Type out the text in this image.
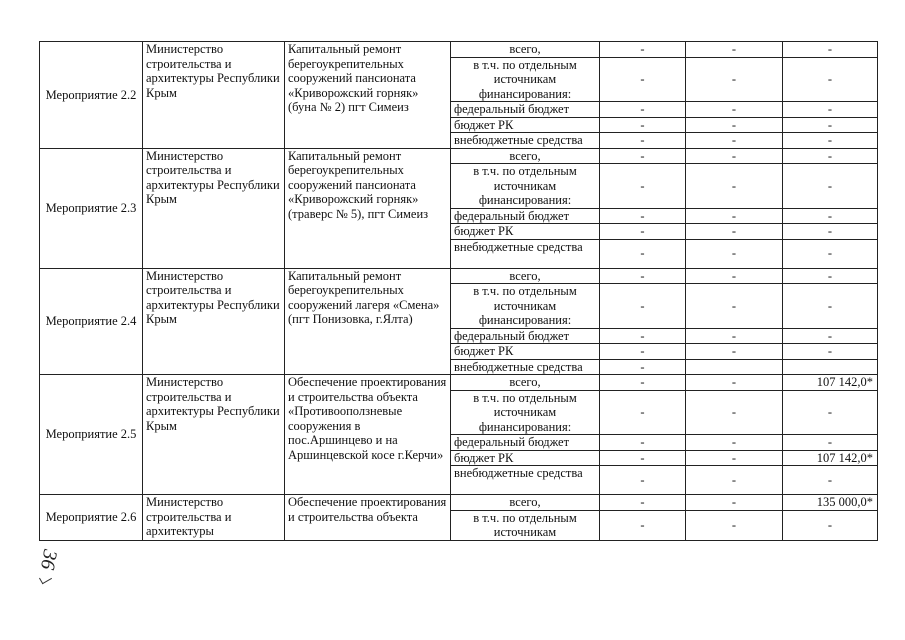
Мероприятие 2.2	Министерство строительства и архитектуры Республики Крым	Капитальный ремонт берегоукрепительных сооружений пансионата «Криворожский горняк» (буна № 2) пгт Симеиз	всего,	-	-	-
			в т.ч. по отдельным источникам финансирования:	-	-	-
			федеральный бюджет	-	-	-
			бюджет РК	-	-	-
			внебюджетные средства	-	-	-
Мероприятие 2.3	Министерство строительства и архитектуры Республики Крым	Капитальный ремонт берегоукрепительных сооружений пансионата «Криворожский горняк» (траверс № 5), пгт Симеиз	всего,	-	-	-
			в т.ч. по отдельным источникам финансирования:	-	-	-
			федеральный бюджет	-	-	-
			бюджет РК	-	-	-
			внебюджетные средства	-	-	-
Мероприятие 2.4	Министерство строительства и архитектуры Республики Крым	Капитальный ремонт берегоукрепительных сооружений лагеря «Смена» (пгт Понизовка, г.Ялта)	всего,	-	-	-
			в т.ч. по отдельным источникам финансирования:	-	-	-
			федеральный бюджет	-	-	-
			бюджет РК	-	-	-
			внебюджетные средства	-		
Мероприятие 2.5	Министерство строительства и архитектуры Республики Крым	Обеспечение проектирования и строительства объекта «Противооползневые сооружения в пос.Аршинцево и на Аршинцевской косе г.Керчи»	всего,	-	-	107 142,0*
			в т.ч. по отдельным источникам финансирования:	-	-	-
			федеральный бюджет	-	-	-
			бюджет РК	-	-	107 142,0*
			внебюджетные средства	-	-	-
Мероприятие 2.6	Министерство строительства и архитектуры	Обеспечение проектирования и строительства объекта	всего,	-	-	135 000,0*
			в т.ч. по отдельным источникам	-	-	-
36
